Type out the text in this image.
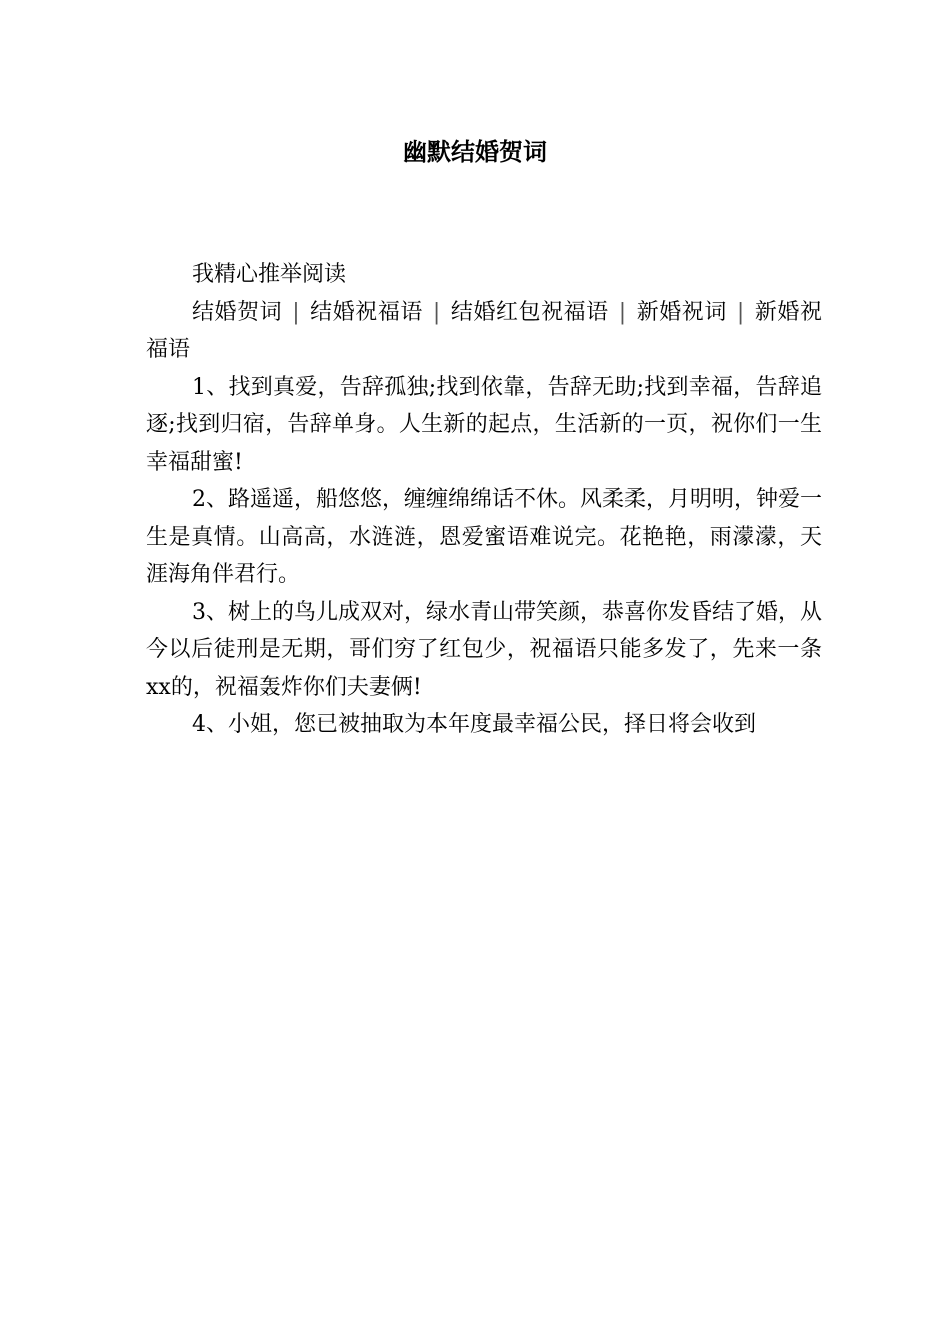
幽默结婚贺词

我精心推举阅读

结婚贺词 | 结婚祝福语 | 结婚红包祝福语 | 新婚祝词 | 新婚祝福语

1、找到真爱，告辞孤独;找到依靠，告辞无助;找到幸福，告辞追逐;找到归宿，告辞单身。人生新的起点，生活新的一页，祝你们一生幸福甜蜜!

2、路遥遥，船悠悠，缠缠绵绵话不休。风柔柔，月明明，钟爱一生是真情。山高高，水涟涟，恩爱蜜语难说完。花艳艳，雨濛濛，天涯海角伴君行。

3、树上的鸟儿成双对，绿水青山带笑颜，恭喜你发昏结了婚，从今以后徒刑是无期，哥们穷了红包少，祝福语只能多发了，先来一条xx的，祝福轰炸你们夫妻俩!

4、小姐，您已被抽取为本年度最幸福公民，择日将会收到
